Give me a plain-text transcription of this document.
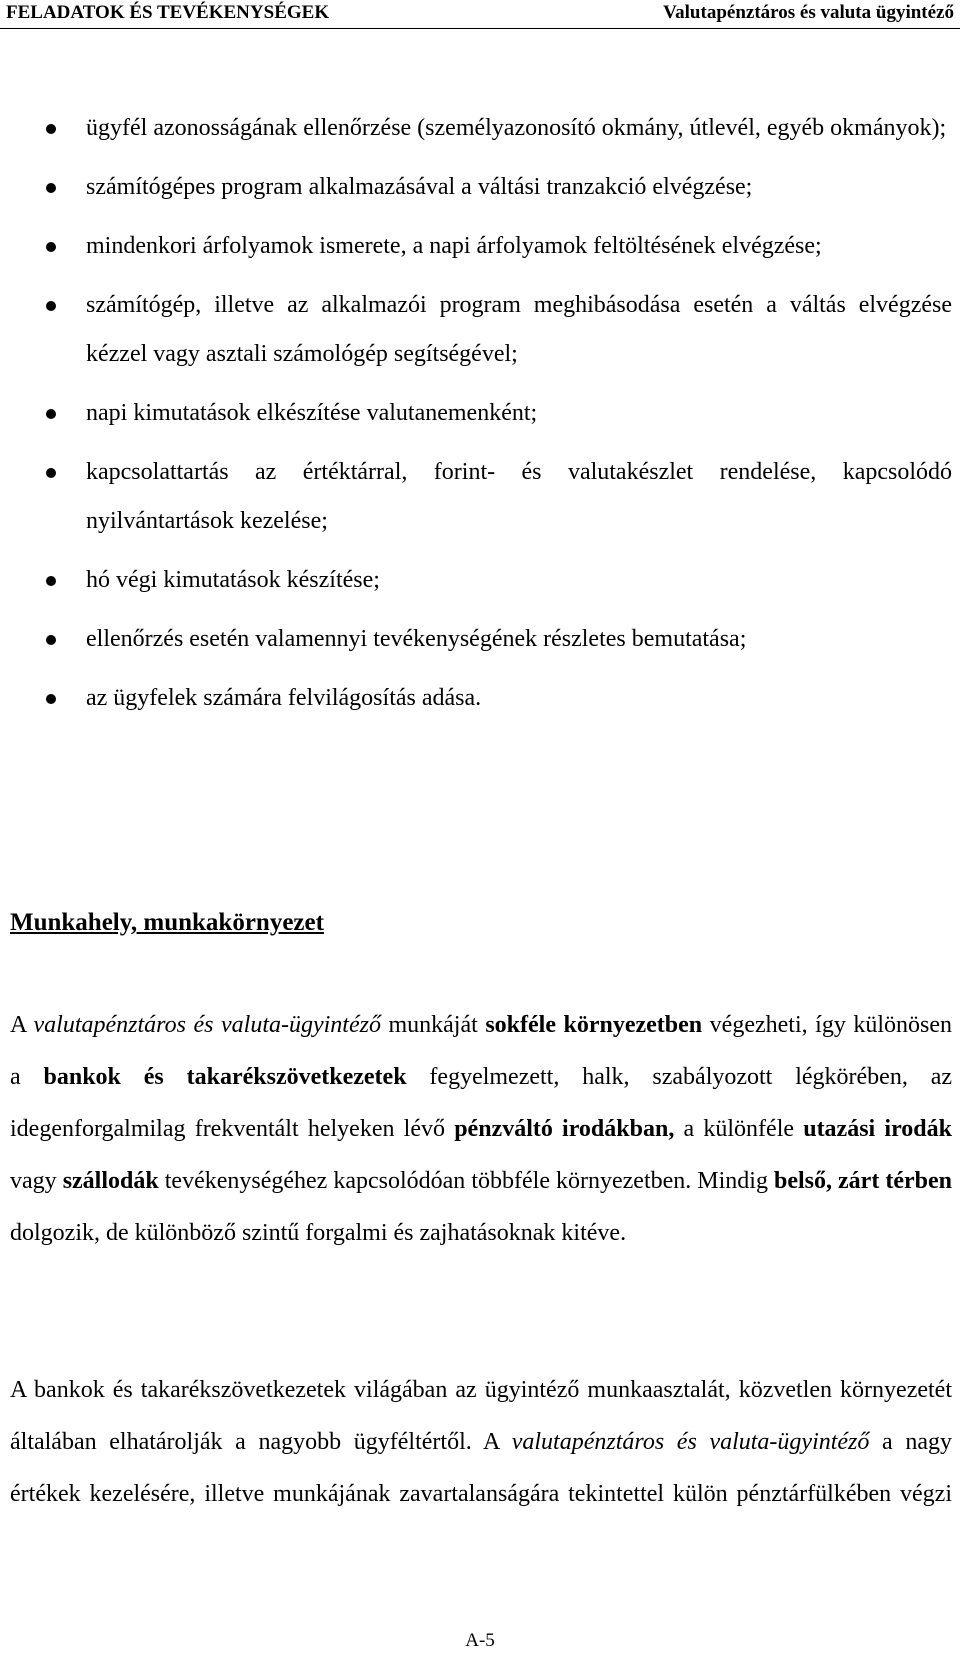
FELADATOK ÉS TEVÉKENYSÉGEK	Valutapénztáros és valuta ügyintéző
ügyfél azonosságának ellenőrzése (személyazonosító okmány, útlevél, egyéb okmányok);
számítógépes program alkalmazásával a váltási tranzakció elvégzése;
mindenkori árfolyamok ismerete, a napi árfolyamok feltöltésének elvégzése;
számítógép, illetve az alkalmazói program meghibásodása esetén a váltás elvégzése kézzel vagy asztali számológép segítségével;
napi kimutatások elkészítése valutanemenként;
kapcsolattartás az értéktárral, forint- és valutakészlet rendelése, kapcsolódó nyilvántartások kezelése;
hó végi kimutatások készítése;
ellenőrzés esetén valamennyi tevékenységének részletes bemutatása;
az ügyfelek számára felvilágosítás adása.
Munkahely, munkakörnyezet

A valutapénztáros és valuta-ügyintéző munkáját sokféle környezetben végezheti, így különösen a bankok és takarékszövetkezetek fegyelmezett, halk, szabályozott légkörében, az idegenforgalmilag frekventált helyeken lévő pénzváltó irodákban, a különféle utazási irodák vagy szállodák tevékenységéhez kapcsolódóan többféle környezetben. Mindig belső, zárt térben dolgozik, de különböző szintű forgalmi és zajhatásoknak kitéve.

A bankok és takarékszövetkezetek világában az ügyintéző munkaasztalát, közvetlen környezetét általában elhatárolják a nagyobb ügyféltértől. A valutapénztáros és valuta-ügyintéző a nagy értékek kezelésére, illetve munkájának zavartalanságára tekintettel külön pénztárfülkében végzi

A-5
